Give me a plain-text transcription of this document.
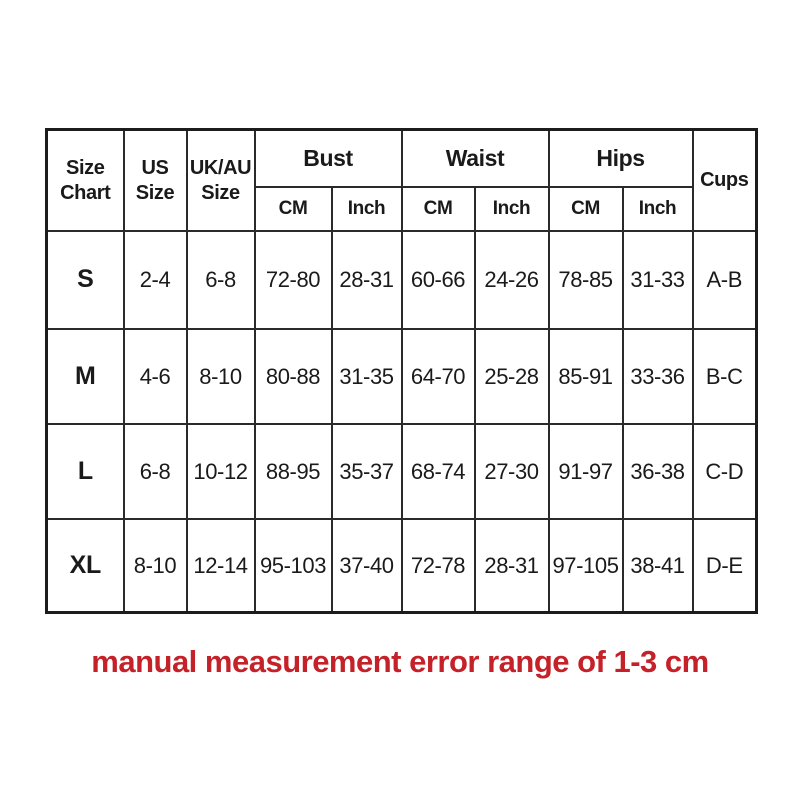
Size Chart	US Size	UK/AU Size	Bust		Waist		Hips		Cups
			CM	Inch	CM	Inch	CM	Inch	
S	2-4	6-8	72-80	28-31	60-66	24-26	78-85	31-33	A-B
M	4-6	8-10	80-88	31-35	64-70	25-28	85-91	33-36	B-C
L	6-8	10-12	88-95	35-37	68-74	27-30	91-97	36-38	C-D
XL	8-10	12-14	95-103	37-40	72-78	28-31	97-105	38-41	D-E
manual measurement error range of 1-3 cm
